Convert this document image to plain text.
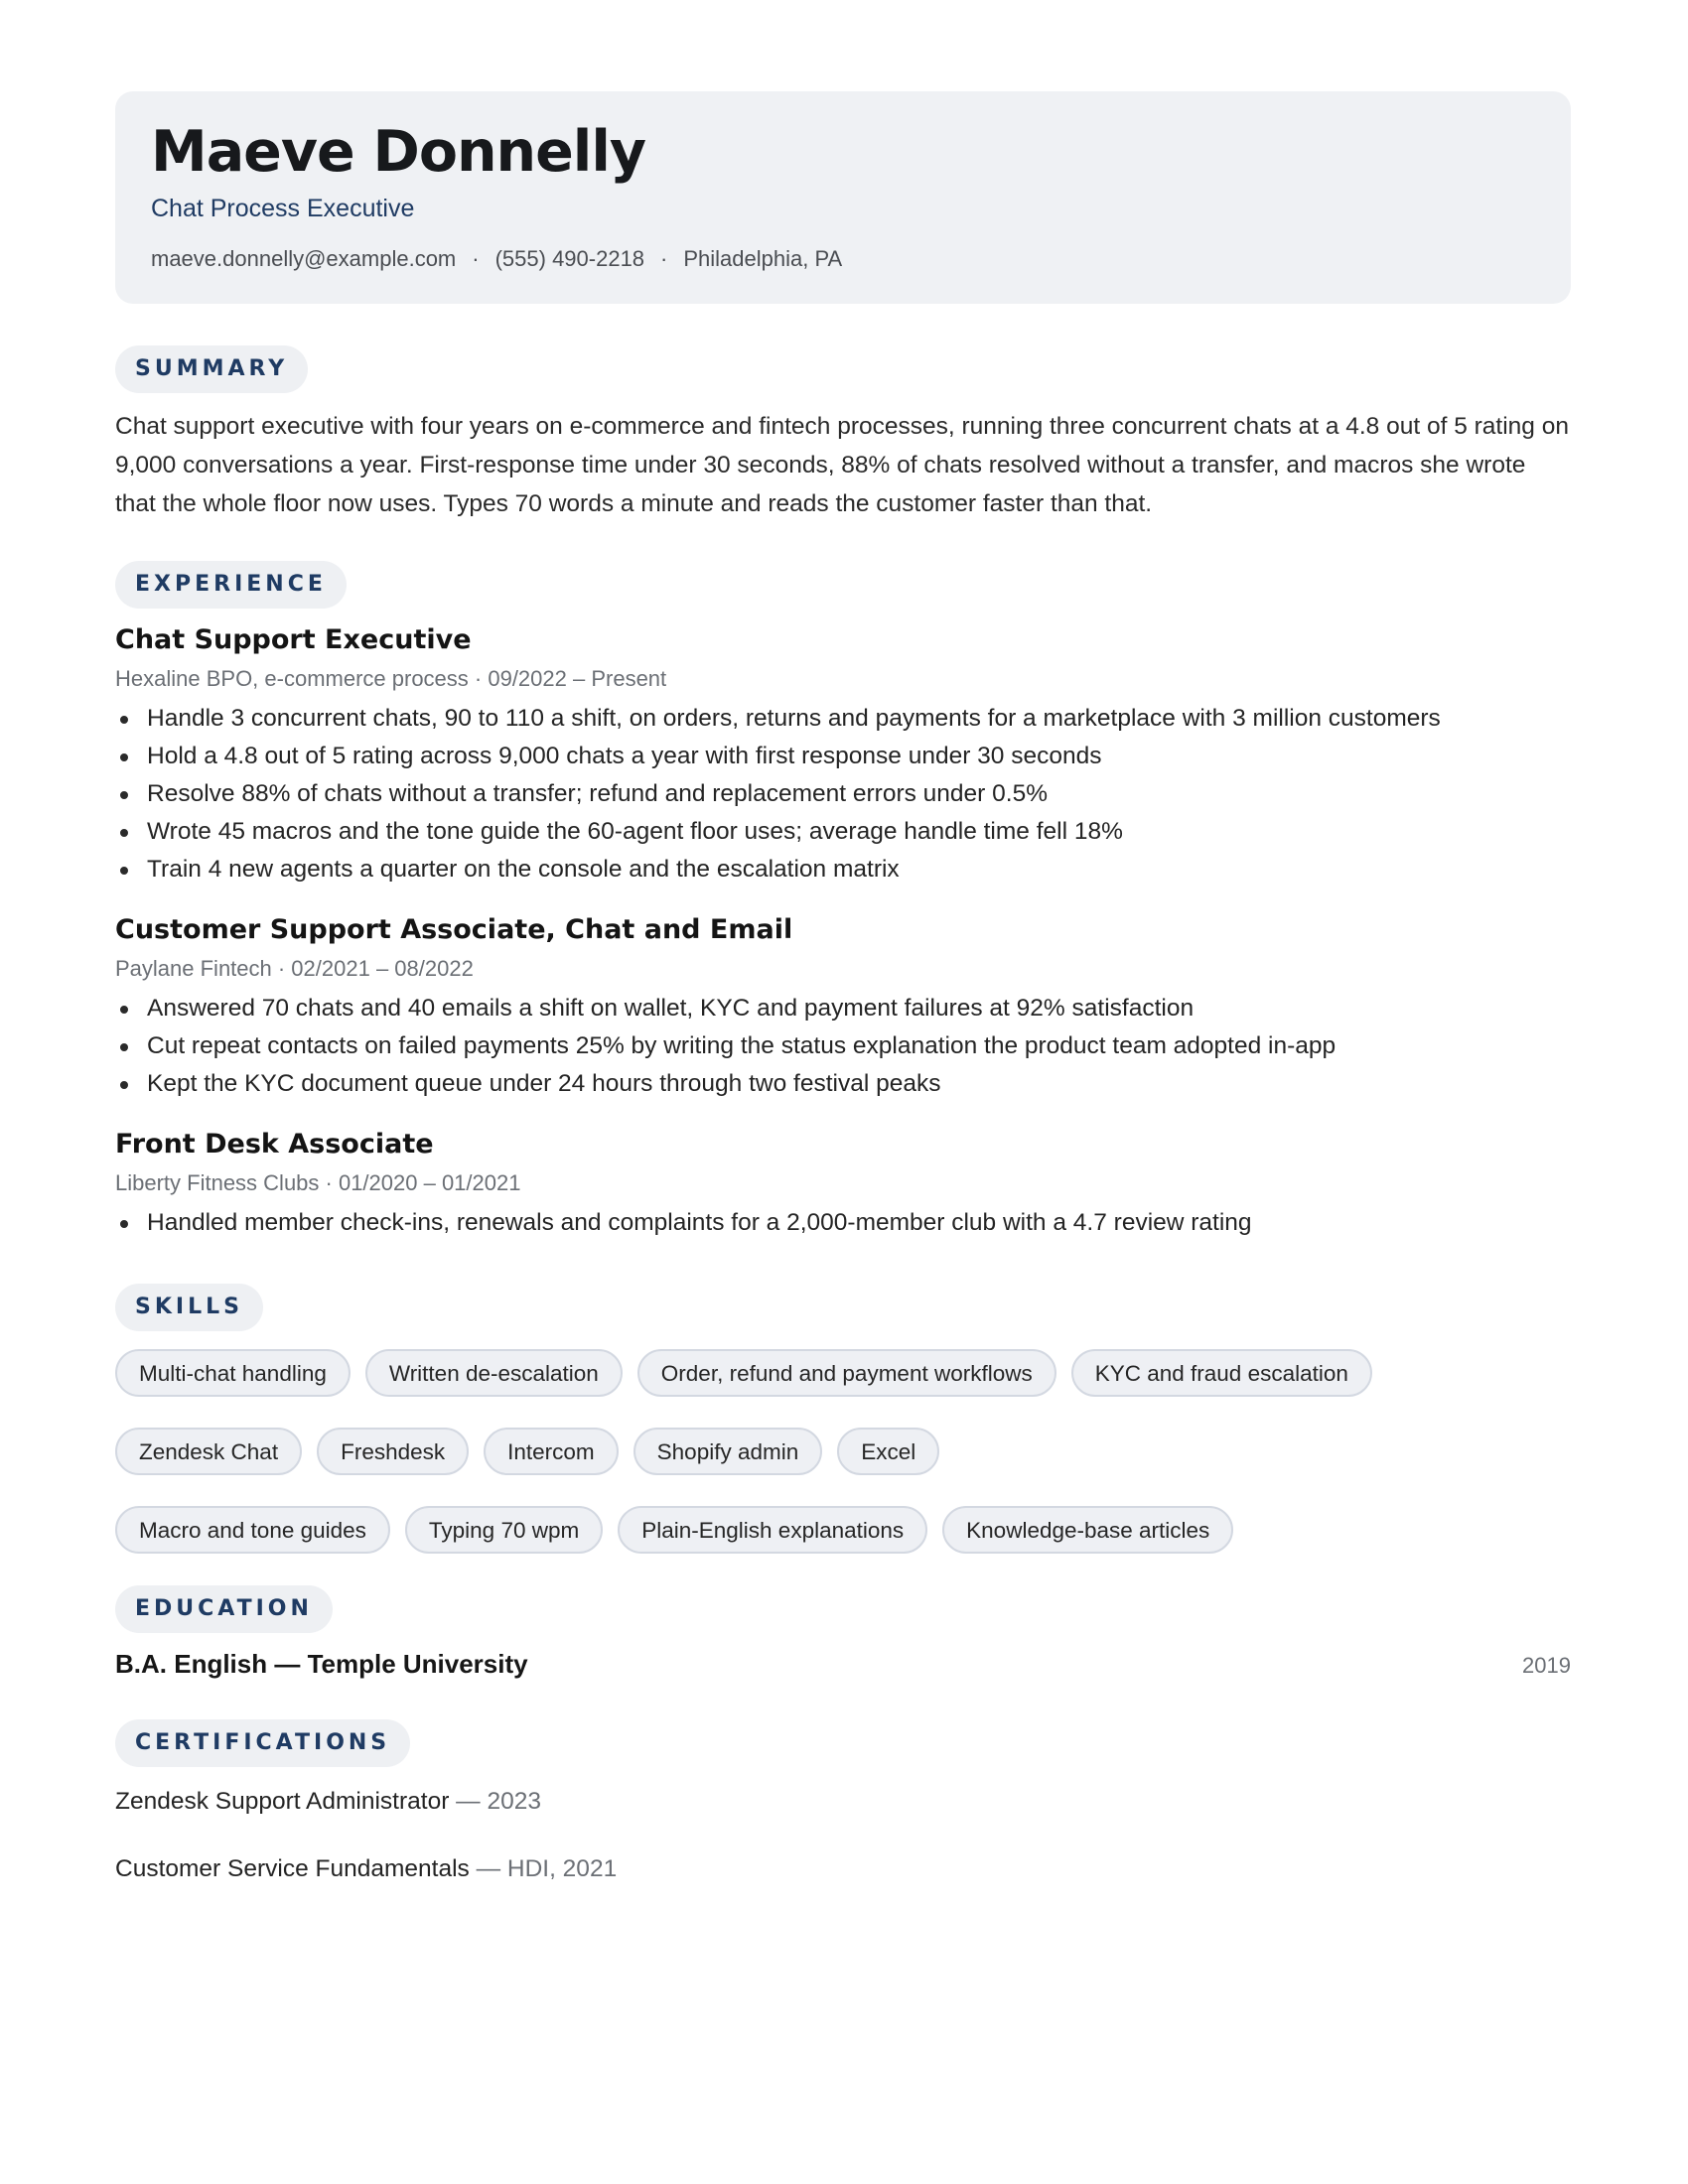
Maeve Donnelly
Chat Process Executive
maeve.donnelly@example.com · (555) 490-2218 · Philadelphia, PA
SUMMARY

Chat support executive with four years on e-commerce and fintech processes, running three concurrent chats at a 4.8 out of 5 rating on 9,000 conversations a year. First-response time under 30 seconds, 88% of chats resolved without a transfer, and macros she wrote that the whole floor now uses. Types 70 words a minute and reads the customer faster than that.

EXPERIENCE
Chat Support Executive
Hexaline BPO, e-commerce process · 09/2022 – Present
Handle 3 concurrent chats, 90 to 110 a shift, on orders, returns and payments for a marketplace with 3 million customers
Hold a 4.8 out of 5 rating across 9,000 chats a year with first response under 30 seconds
Resolve 88% of chats without a transfer; refund and replacement errors under 0.5%
Wrote 45 macros and the tone guide the 60-agent floor uses; average handle time fell 18%
Train 4 new agents a quarter on the console and the escalation matrix
Customer Support Associate, Chat and Email
Paylane Fintech · 02/2021 – 08/2022
Answered 70 chats and 40 emails a shift on wallet, KYC and payment failures at 92% satisfaction
Cut repeat contacts on failed payments 25% by writing the status explanation the product team adopted in-app
Kept the KYC document queue under 24 hours through two festival peaks
Front Desk Associate
Liberty Fitness Clubs · 01/2020 – 01/2021
Handled member check-ins, renewals and complaints for a 2,000-member club with a 4.7 review rating
SKILLS
Multi-chat handling	Written de-escalation	Order, refund and payment workflows	KYC and fraud escalation
Zendesk Chat	Freshdesk	Intercom	Shopify admin	Excel
Macro and tone guides	Typing 70 wpm	Plain-English explanations	Knowledge-base articles
EDUCATION
B.A. English — Temple University	2019
CERTIFICATIONS
Zendesk Support Administrator — 2023
Customer Service Fundamentals — HDI, 2021
